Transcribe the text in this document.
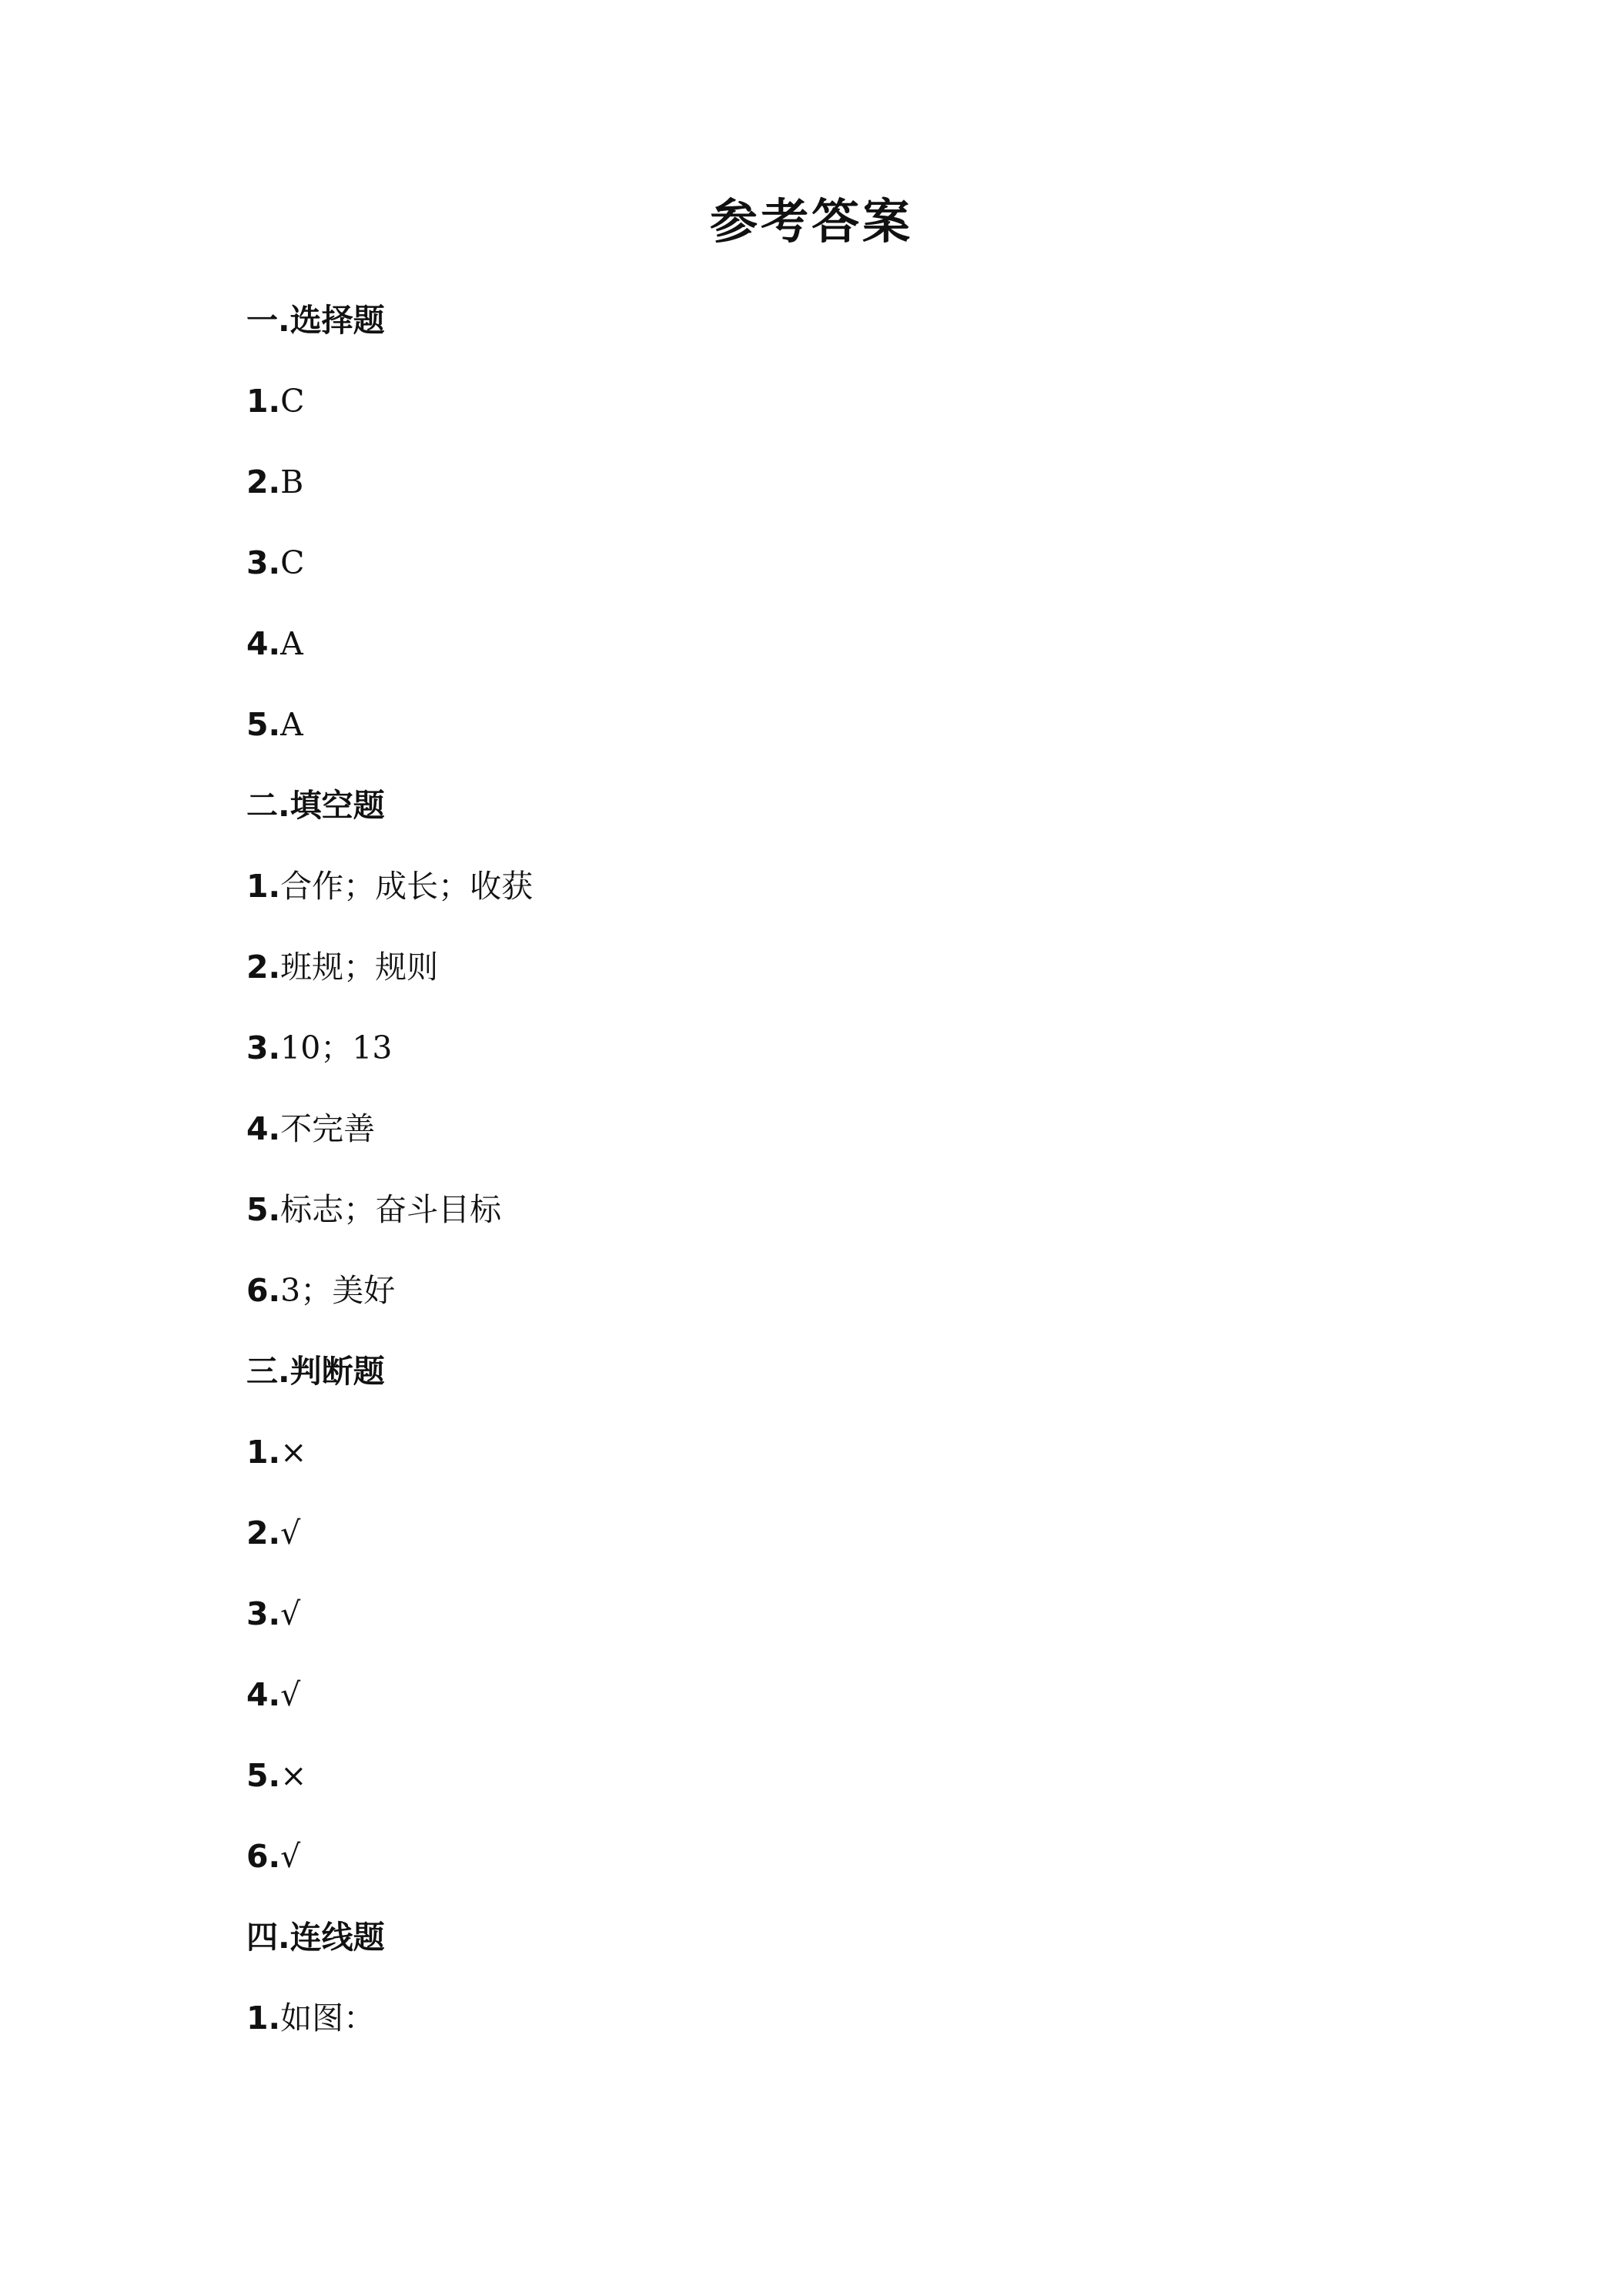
参考答案
一.选择题
1.C
2.B
3.C
4.A
5.A
二.填空题
1.合作；成长；收获
2.班规；规则
3.10；13
4.不完善
5.标志；奋斗目标
6.3；美好
三.判断题
1.×
2.√
3.√
4.√
5.×
6.√
四.连线题
1.如图：
